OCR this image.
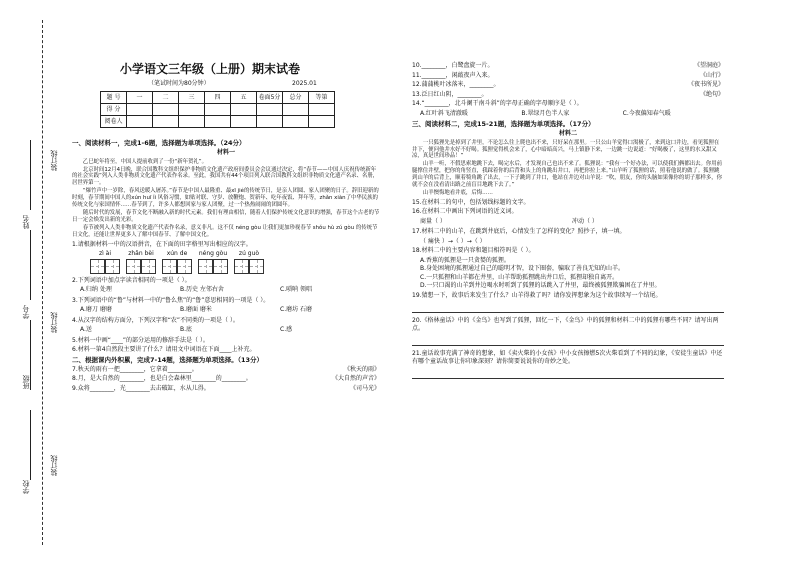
装订线
姓名
学号	装订线
班级
装订线
学校
小学语文三年级（上册）期末试卷
（笔试时间为80分钟）	2025.01
题 号	一	二	三	四	五	卷面5分	总分	等第
得 分								
阅卷人								
一、阅读材料一，完成1-6题，选择题为单项选择。（24分）
材料一

乙巳蛇年将至，中国人提前收到了一份“新年贺礼”。

北京时间12月4日晚，联合国教科文组织保护非物质文化遗产政府间委员会会议通过决定，将“春节——中国人庆祝传统新年的社会实践”列入人类非物质文化遗产代表作名录。至此，我国共有44个项目列入联合国教科文组织非物质文化遗产名录、名册，居世界第一。

“爆竹声中一岁除，春风送暖入屠苏。”春节是中国人最隆重、最xī jié的传统节日，是亲人团圆、家人团聚的日子。辞旧迎新的时刻，春节期间中国人的xún huī ìì 风俗习惯，如贴对联、守岁、放鞭炮、贺新年、吃年夜饭、拜年等，zhǎn xiàn了中华民族的传统文化与家国情怀……春节到了，许多人都想回家与家人团聚，过一个热热闹闹的团圆年。

随后时代的发展，春节文化不断融入新的时代元素。我们有理由相信，随着人们保护传统文化意识的增强，春节这个古老的节日一定会焕发出新的光彩。

春节被列入人类非物质文化遗产代表作名录，意义非凡。这不仅 néng gòu 让我们更加珍视春节 shǒu hù zú gòu 的传统节日文化，还能让世界更多人了解中国春节、了解中国文化。

1.请根据材料一中的汉语拼音，在下面的田字格里写出相应的汉字。
zì ài	zhǎn bèi	xún de	néng gòu	zú guò
2.下列词语中加点字读音相同的一项是（ ）。
A.归纳 处理	B.历史 左邻右舍	C.唢呐 领唱
3.下列词语中的“鲁”与材料一中的“鲁么焦”的“鲁”意思相同的一项是（ ）。
A.磨刀 磨磨	B.磨面 磨米	C.磨坊 石磨
4.从汉字的结构方面分，下列汉字和“农”不同类的一项是（ ）。
A.送	B.底	C.感
5.材料一中画“____”的部分运用的修辞手法是（ ）。
6.材料一第4自然段主要讲了什么？请用文中词语在下面____上补充。
二、根据课内外积累，完成7-14题，选择题为单项选择。（13分）
7.秋天的雨有一把________，它拿着________。	《秋天的雨》
8.月，是大自然的________，也是白会森林里________的________。	《大自然的声音》
9.众将________，光________去击破缸，水从儿得。	《司马光》
10.________，白鹭盘旋一片。	《望洞庭》
11.________，闲敲夜声入来。	《山行》
12.蒲蒲桃叶冰落米，________。	《夜书所见》
13.泛日红山阴，________。	《绝句》
14.“________，北斗阑干南斗斜”的字母正确的字母顺序是（ ）。
A.红叶斜飞清澈暖	B.翠绿月色半人家	C.今夜偏知春气暖
三、阅读材料二，完成15-21题，选择题为单项选择。（17分）
材料二

一只狐狸先是掉到了井里，不论怎么往上爬也出不来，只好呆在那里。一只公山羊觉得口渴极了，来到这口井边，看见狐狸在井下，便问他井水好不好喝。狐狸觉得机会来了，心中暗暗高兴，马上镇静下来，一边跳一边说道：“好喝极了，这里的水又甜又凉，真是世间珍品！”

山羊一听，不假思索地跳下去，喝完水后，才发现自己也出不来了。狐狸说：“我有一个好办法，可以使我们俩都出去。你用前腿撑住井壁，把你的角竖直，我踩着你的后背和头上的角跳出井口，再把你拉上来。”山羊听了狐狸的话，照着他说的做了。狐狸跳到山羊的后背上，顺着犄角跳了出去，一下子跳到了井口，他站在井边对山羊说：“吹，朋友，你的头脑如果像你的胡子那样多，你就不会在没看清出路之前盲目地跳下去了。”

山羊懊悔地看井底，后悔……

15.在材料二的句中，包括划线标题的文字。
16.在材料二中画出下列词语的近义词。
商量（ ）	冲动（ ）
17.材料二中的山羊，在跳到井底后，心情发生了怎样的变化？照抄子，填一填。
（ 痛快 ）→（ ）→（ ）
18.材料二中的主要内容和题目相符吗是（ ）。
A.香蕉的狐狸是一只贪婪的狐狸。
B.身处困境的狐狸通过自己的聪明才智，设下圈套，骗取了善良无知的山羊。
C.一只狐狸和山羊都在井里，山羊帮助狐狸跳出井口后，狐狸却独自离开。
D.一只口渴的山羊到井边喝水时听到了狐狸的话跳入了井里，最终被狐狸欺骗困在了井里。
19.猜想一下，故事后来发生了什么？山羊得救了吗？请你发挥想象为这个故事续写一个结尾。
20.《格林童话》中的《金鸟》也写到了狐狸，回忆一下，《金鸟》中的狐狸和材料二中的狐狸有哪些不同？请写出两点。
21.童话故事充满了神奇的想象，如《卖火柴的小女孩》中小女孩擦燃5次火柴看到了不同的幻象，《安徒生童话》中还有哪个童话故事让你印象深刻？请你简要说说你的奇妙之处。
